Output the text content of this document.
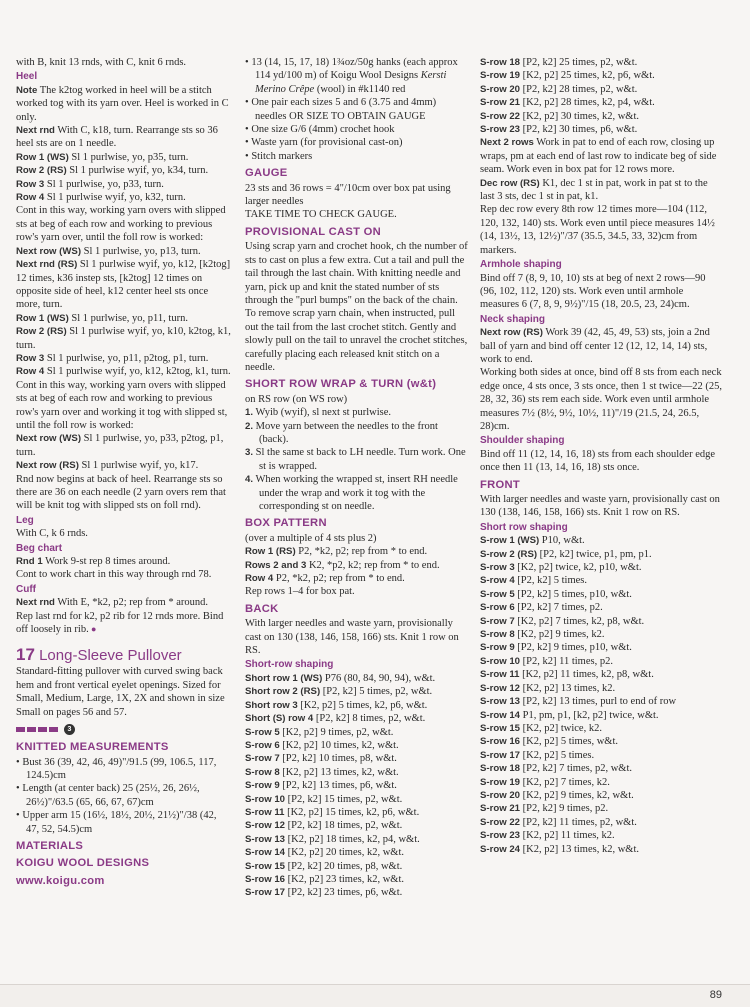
with B, knit 13 rnds, with C, knit 6 rnds.
Heel
Note The k2tog worked in heel will be a stitch worked tog with its yarn over. Heel is worked in C only.
Next rnd With C, k18, turn. Rearrange sts so 36 heel sts are on 1 needle.
Row 1 (WS) Sl 1 purlwise, yo, p35, turn.
Row 2 (RS) Sl 1 purlwise wyif, yo, k34, turn.
Row 3 Sl 1 purlwise, yo, p33, turn.
Row 4 Sl 1 purlwise wyif, yo, k32, turn.
Cont in this way, working yarn overs with slipped sts at beg of each row and working to previous row's yarn over, until the foll row is worked:
Next row (WS) Sl 1 purlwise, yo, p13, turn.
Next rnd (RS) Sl 1 purlwise wyif, yo, k12, [k2tog] 12 times, k36 instep sts, [k2tog] 12 times on opposite side of heel, k12 center heel sts once more, turn.
Row 1 (WS) Sl 1 purlwise, yo, p11, turn.
Row 2 (RS) Sl 1 purlwise wyif, yo, k10, k2tog, k1, turn.
Row 3 Sl 1 purlwise, yo, p11, p2tog, p1, turn.
Row 4 Sl 1 purlwise wyif, yo, k12, k2tog, k1, turn.
Cont in this way, working yarn overs with slipped sts at beg of each row and working to previous row's yarn over and working it tog with slipped st, until the foll row is worked:
Next row (WS) Sl 1 purlwise, yo, p33, p2tog, p1, turn.
Next row (RS) Sl 1 purlwise wyif, yo, k17.
Rnd now begins at back of heel. Rearrange sts so there are 36 on each needle (2 yarn overs rem that will be knit tog with slipped sts on foll rnd).
Leg
With C, k 6 rnds.
Beg chart
Rnd 1 Work 9-st rep 8 times around.
Cont to work chart in this way through rnd 78.
Cuff
Next rnd With E, *k2, p2; rep from * around.
Rep last rnd for k2, p2 rib for 12 rnds more. Bind off loosely in rib. ●
17 Long-Sleeve Pullover
Standard-fitting pullover with curved swing back hem and front vertical eyelet openings. Sized for Small, Medium, Large, 1X, 2X and shown in size Small on pages 56 and 57.
3
KNITTED MEASUREMENTS
• Bust 36 (39, 42, 46, 49)"/91.5 (99, 106.5, 117, 124.5)cm
• Length (at center back) 25 (25½, 26, 26½, 26½)"/63.5 (65, 66, 67, 67)cm
• Upper arm 15 (16½, 18½, 20½, 21½)"/38 (42, 47, 52, 54.5)cm
MATERIALS
KOIGU WOOL DESIGNS
www.koigu.com
• 13 (14, 15, 17, 18) 1¾oz/50g hanks (each approx 114 yd/100 m) of Koigu Wool Designs Kersti Merino Crêpe (wool) in #k1140 red
• One pair each sizes 5 and 6 (3.75 and 4mm) needles OR SIZE TO OBTAIN GAUGE
• One size G/6 (4mm) crochet hook
• Waste yarn (for provisional cast-on)
• Stitch markers
GAUGE
23 sts and 36 rows = 4"/10cm over box pat using larger needles
TAKE TIME TO CHECK GAUGE.
PROVISIONAL CAST ON
Using scrap yarn and crochet hook, ch the number of sts to cast on plus a few extra. Cut a tail and pull the tail through the last chain. With knitting needle and yarn, pick up and knit the stated number of sts through the "purl bumps" on the back of the chain. To remove scrap yarn chain, when instructed, pull out the tail from the last crochet stitch. Gently and slowly pull on the tail to unravel the crochet stitches, carefully placing each released knit stitch on a needle.
SHORT ROW WRAP & TURN (w&t)
on RS row (on WS row)
1. Wyib (wyif), sl next st purlwise.
2. Move yarn between the needles to the front (back).
3. Sl the same st back to LH needle. Turn work. One st is wrapped.
4. When working the wrapped st, insert RH needle under the wrap and work it tog with the corresponding st on needle.
BOX PATTERN
(over a multiple of 4 sts plus 2)
Row 1 (RS) P2, *k2, p2; rep from * to end.
Rows 2 and 3 K2, *p2, k2; rep from * to end.
Row 4 P2, *k2, p2; rep from * to end.
Rep rows 1–4 for box pat.
BACK
With larger needles and waste yarn, provisionally cast on 130 (138, 146, 158, 166) sts. Knit 1 row on RS.
Short-row shaping
Short row 1 (WS) P76 (80, 84, 90, 94), w&t.
Short row 2 (RS) [P2, k2] 5 times, p2, w&t.
Short row 3 [K2, p2] 5 times, k2, p6, w&t.
Short (S) row 4 [P2, k2] 8 times, p2, w&t.
S-row 5 [K2, p2] 9 times, p2, w&t.
S-row 6 [K2, p2] 10 times, k2, w&t.
S-row 7 [P2, k2] 10 times, p8, w&t.
S-row 8 [K2, p2] 13 times, k2, w&t.
S-row 9 [P2, k2] 13 times, p6, w&t.
S-row 10 [P2, k2] 15 times, p2, w&t.
S-row 11 [K2, p2] 15 times, k2, p6, w&t.
S-row 12 [P2, k2] 18 times, p2, w&t.
S-row 13 [K2, p2] 18 times, k2, p4, w&t.
S-row 14 [K2, p2] 20 times, k2, w&t.
S-row 15 [P2, k2] 20 times, p8, w&t.
S-row 16 [K2, p2] 23 times, k2, w&t.
S-row 17 [P2, k2] 23 times, p6, w&t.
S-row 18 [P2, k2] 25 times, p2, w&t.
S-row 19 [K2, p2] 25 times, k2, p6, w&t.
S-row 20 [P2, k2] 28 times, p2, w&t.
S-row 21 [K2, p2] 28 times, k2, p4, w&t.
S-row 22 [K2, p2] 30 times, k2, w&t.
S-row 23 [P2, k2] 30 times, p6, w&t.
Next 2 rows Work in pat to end of each row, closing up wraps, pm at each end of last row to indicate beg of side seam. Work even in box pat for 12 rows more.
Dec row (RS) K1, dec 1 st in pat, work in pat st to the last 3 sts, dec 1 st in pat, k1.
Rep dec row every 8th row 12 times more—104 (112, 120, 132, 140) sts. Work even until piece measures 14½ (14, 13½, 13, 12½)"/37 (35.5, 34.5, 33, 32)cm from markers.
Armhole shaping
Bind off 7 (8, 9, 10, 10) sts at beg of next 2 rows—90 (96, 102, 112, 120) sts. Work even until armhole measures 6 (7, 8, 9, 9½)"/15 (18, 20.5, 23, 24)cm.
Neck shaping
Next row (RS) Work 39 (42, 45, 49, 53) sts, join a 2nd ball of yarn and bind off center 12 (12, 12, 14, 14) sts, work to end.
Working both sides at once, bind off 8 sts from each neck edge once, 4 sts once, 3 sts once, then 1 st twice—22 (25, 28, 32, 36) sts rem each side. Work even until armhole measures 7½ (8½, 9½, 10½, 11)"/19 (21.5, 24, 26.5, 28)cm.
Shoulder shaping
Bind off 11 (12, 14, 16, 18) sts from each shoulder edge once then 11 (13, 14, 16, 18) sts once.
FRONT
With larger needles and waste yarn, provisionally cast on 130 (138, 146, 158, 166) sts. Knit 1 row on RS.
Short row shaping
S-row 1 (WS) P10, w&t.
S-row 2 (RS) [P2, k2] twice, p1, pm, p1.
S-row 3 [K2, p2] twice, k2, p10, w&t.
S-row 4 [P2, k2] 5 times.
S-row 5 [P2, k2] 5 times, p10, w&t.
S-row 6 [P2, k2] 7 times, p2.
S-row 7 [K2, p2] 7 times, k2, p8, w&t.
S-row 8 [K2, p2] 9 times, k2.
S-row 9 [P2, k2] 9 times, p10, w&t.
S-row 10 [P2, k2] 11 times, p2.
S-row 11 [K2, p2] 11 times, k2, p8, w&t.
S-row 12 [K2, p2] 13 times, k2.
S-row 13 [P2, k2] 13 times, purl to end of row
S-row 14 P1, pm, p1, [k2, p2] twice, w&t.
S-row 15 [K2, p2] twice, k2.
S-row 16 [K2, p2] 5 times, w&t.
S-row 17 [K2, p2] 5 times.
S-row 18 [P2, k2] 7 times, p2, w&t.
S-row 19 [K2, p2] 7 times, k2.
S-row 20 [K2, p2] 9 times, k2, w&t.
S-row 21 [P2, k2] 9 times, p2.
S-row 22 [P2, k2] 11 times, p2, w&t.
S-row 23 [K2, p2] 11 times, k2.
S-row 24 [K2, p2] 13 times, k2, w&t.
89
